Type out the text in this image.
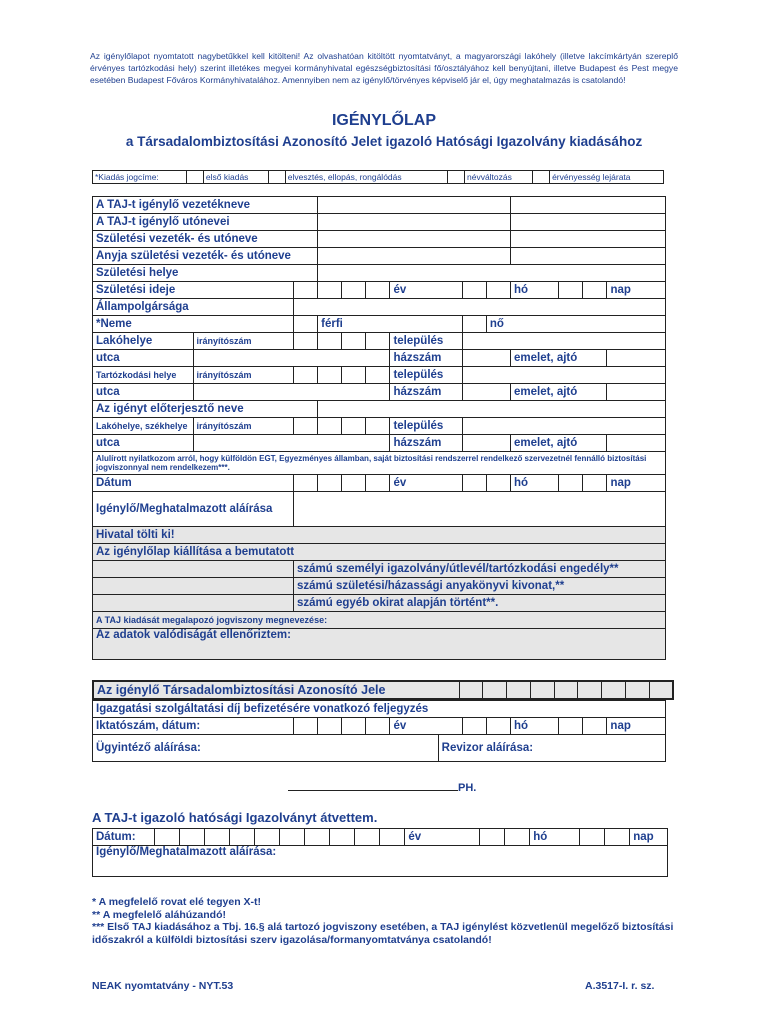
Az igénylőlapot nyomtatott nagybetűkkel kell kitölteni! Az olvashatóan kitöltött nyomtatványt, a magyarországi lakóhely (illetve lakcímkártyán szereplő érvényes tartózkodási hely) szerint illetékes megyei kormányhivatal egészségbiztosítási fő/osztályához kell benyújtani, illetve Budapest és Pest megye esetében Budapest Főváros Kormányhivatalához. Amennyiben nem az igénylő/törvényes képviselő jár el, úgy meghatalmazás is csatolandó!
IGÉNYLŐLAP
a Társadalombiztosítási Azonosító Jelet igazoló Hatósági Igazolvány kiadásához
*Kiadás jogcíme:		első kiadás		elvesztés, ellopás, rongálódás		névváltozás		érvényesség lejárata
A TAJ-t igénylő vezetékneve												
A TAJ-t igénylő utónevei												
Születési vezeték- és utóneve												
Anyja születési vezeték- és utóneve												
Születési helye												
Születési ideje						év			hó			nap
Állampolgársága												
*Neme			férfi					nő				
Lakóhelye	irányítószám					település						
utca						házszám			emelet, ajtó			
Tartózkodási helye	irányítószám					település						
utca						házszám			emelet, ajtó			
Az igényt előterjesztő neve												
Lakóhelye, székhelye	irányítószám					település						
utca						házszám			emelet, ajtó			
Alulírott nyilatkozom arról, hogy külföldön EGT, Egyezményes államban, saját biztosítási rendszerrel rendelkező szervezetnél fennálló biztosítási jogviszonnyal nem rendelkezem***.												
Dátum						év			hó			nap
Igénylő/Meghatalmazott aláírása												
Hivatal tölti ki!												
Az igénylőlap kiállítása a bemutatott												
		számú személyi igazolvány/útlevél/tartózkodási engedély**										
		számú születési/házassági anyakönyvi kivonat,**										
		számú egyéb okirat alapján történt**.										
A TAJ kiadását megalapozó jogviszony megnevezése:												
Az adatok valódiságát ellenőriztem:												
Az igénylő Társadalombiztosítási Azonosító Jele									
Igazgatási szolgáltatási díj befizetésére vonatkozó feljegyzés												
Iktatószám, dátum:					év				hó			nap
Ügyintéző aláírása:						Revizor aláírása:						
PH.
A TAJ-t igazoló hatósági Igazolványt átvettem.
Dátum:											év			hó			nap
Igénylő/Meghatalmazott aláírása:
* A megfelelő rovat elé tegyen X-t!
** A megfelelő aláhúzandó!
*** Első TAJ kiadásához a Tbj. 16.§ alá tartozó jogviszony esetében, a TAJ igénylést közvetlenül megelőző biztosítási időszakról a külföldi biztosítási szerv igazolása/formanyomtatványa csatolandó!
NEAK nyomtatvány - NYT.53	A.3517-I. r. sz.
